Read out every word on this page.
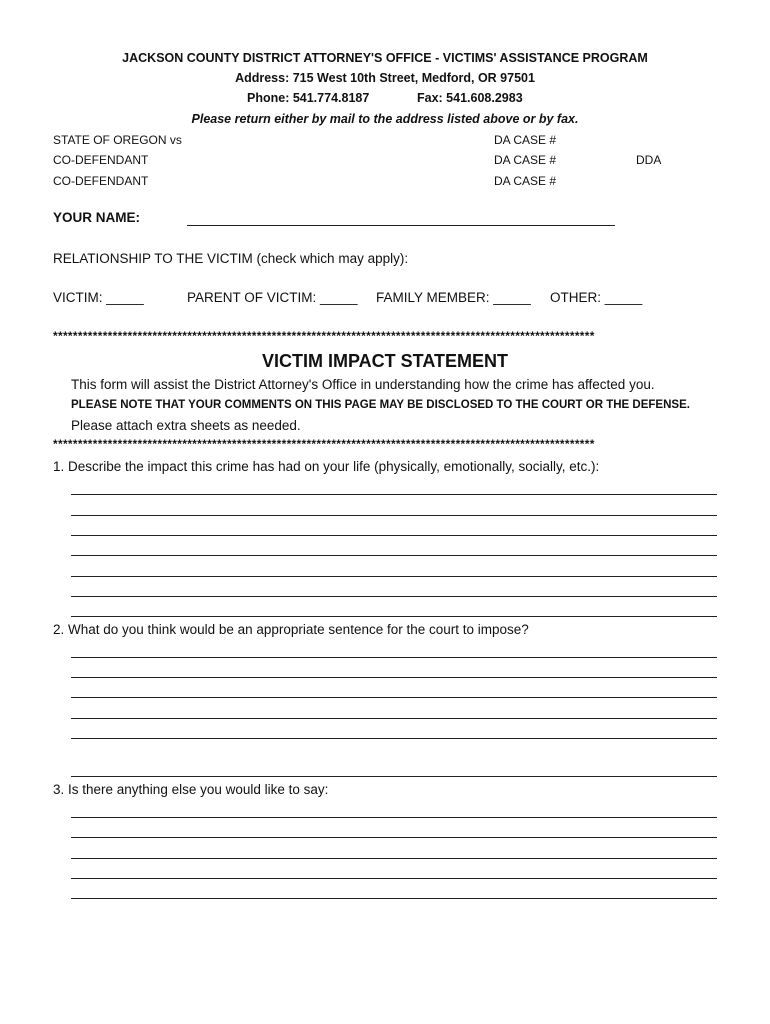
JACKSON COUNTY DISTRICT ATTORNEY'S OFFICE - VICTIMS' ASSISTANCE PROGRAM
Address: 715 West 10th Street, Medford, OR 97501
Phone: 541.774.8187	Fax: 541.608.2983
Please return either by mail to the address listed above or by fax.
STATE OF OREGON vs
CO-DEFENDANT
CO-DEFENDANT
DA CASE #
DA CASE #
DA CASE #
DDA
YOUR NAME:
RELATIONSHIP TO THE VICTIM (check which may apply):
VICTIM: _____	PARENT OF VICTIM: _____ FAMILY MEMBER: _____ OTHER: _____
*************************************************************************************************************
VICTIM IMPACT STATEMENT
This form will assist the District Attorney's Office in understanding how the crime has affected you.
PLEASE NOTE THAT YOUR COMMENTS ON THIS PAGE MAY BE DISCLOSED TO THE COURT OR THE DEFENSE.
Please attach extra sheets as needed.
*************************************************************************************************************
1. Describe the impact this crime has had on your life (physically, emotionally, socially, etc.):
2. What do you think would be an appropriate sentence for the court to impose?
3. Is there anything else you would like to say:
